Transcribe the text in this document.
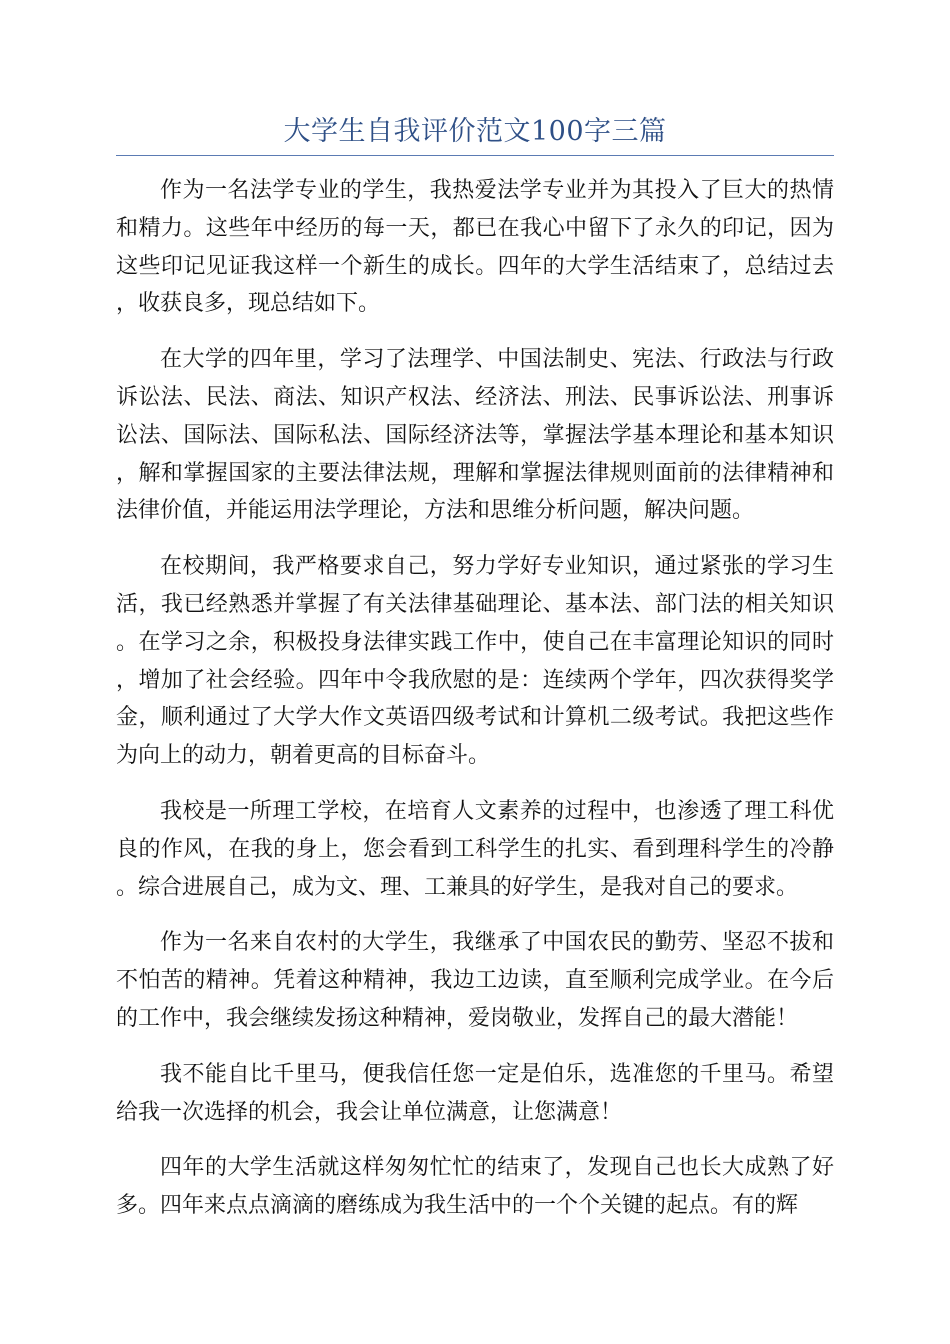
大学生自我评价范文100字三篇

作为一名法学专业的学生，我热爱法学专业并为其投入了巨大的热情和精力。这些年中经历的每一天，都已在我心中留下了永久的印记，因为这些印记见证我这样一个新生的成长。四年的大学生活结束了，总结过去，收获良多，现总结如下。

在大学的四年里，学习了法理学、中国法制史、宪法、行政法与行政诉讼法、民法、商法、知识产权法、经济法、刑法、民事诉讼法、刑事诉讼法、国际法、国际私法、国际经济法等，掌握法学基本理论和基本知识，解和掌握国家的主要法律法规，理解和掌握法律规则面前的法律精神和法律价值，并能运用法学理论，方法和思维分析问题，解决问题。

在校期间，我严格要求自己，努力学好专业知识，通过紧张的学习生活，我已经熟悉并掌握了有关法律基础理论、基本法、部门法的相关知识。在学习之余，积极投身法律实践工作中，使自己在丰富理论知识的同时，增加了社会经验。四年中令我欣慰的是：连续两个学年，四次获得奖学金，顺利通过了大学大作文英语四级考试和计算机二级考试。我把这些作为向上的动力，朝着更高的目标奋斗。

我校是一所理工学校，在培育人文素养的过程中，也渗透了理工科优良的作风，在我的身上，您会看到工科学生的扎实、看到理科学生的冷静。综合进展自己，成为文、理、工兼具的好学生，是我对自己的要求。

作为一名来自农村的大学生，我继承了中国农民的勤劳、坚忍不拔和不怕苦的精神。凭着这种精神，我边工边读，直至顺利完成学业。在今后的工作中，我会继续发扬这种精神，爱岗敬业，发挥自己的最大潜能！

我不能自比千里马，便我信任您一定是伯乐，选准您的千里马。希望给我一次选择的机会，我会让单位满意，让您满意！

四年的大学生活就这样匆匆忙忙的结束了，发现自己也长大成熟了好多。四年来点点滴滴的磨练成为我生活中的一个个关键的起点。有的辉
